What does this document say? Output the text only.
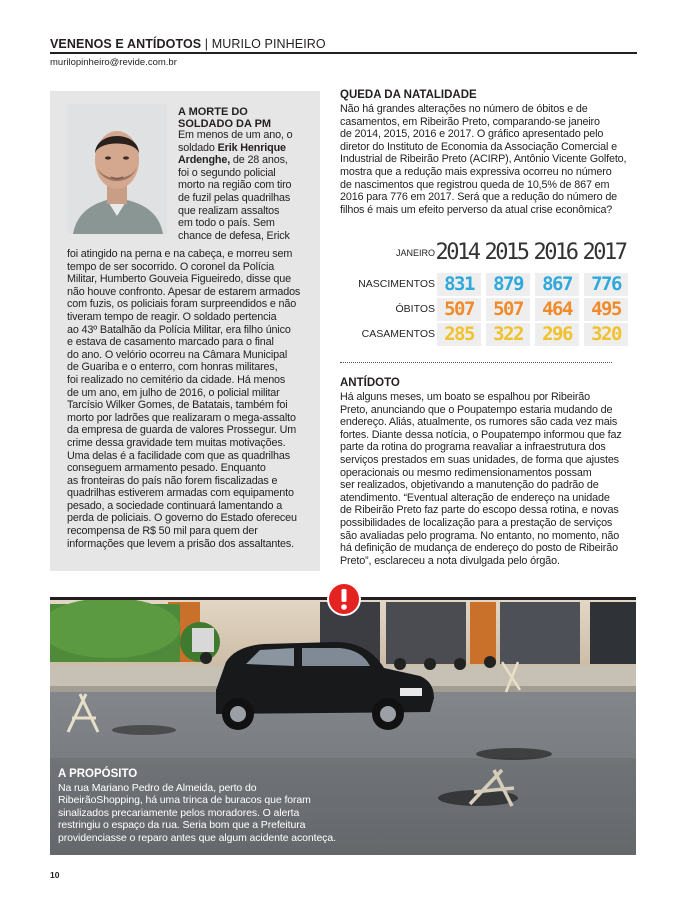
VENENOS E ANTÍDOTOS | MURILO PINHEIRO
murilopinheiro@revide.com.br
A MORTE DO
SOLDADO DA PM
Em menos de um ano, o
soldado Erik Henrique
Ardenghe, de 28 anos,
foi o segundo policial
morto na região com tiro
de fuzil pelas quadrilhas
que realizam assaltos
em todo o país. Sem
chance de defesa, Erick
foi atingido na perna e na cabeça, e morreu sem
tempo de ser socorrido. O coronel da Polícia
Militar, Humberto Gouveia Figueiredo, disse que
não houve confronto. Apesar de estarem armados
com fuzis, os policiais foram surpreendidos e não
tiveram tempo de reagir. O soldado pertencia
ao 43º Batalhão da Polícia Militar, era filho único
e estava de casamento marcado para o final
do ano. O velório ocorreu na Câmara Municipal
de Guariba e o enterro, com honras militares,
foi realizado no cemitério da cidade. Há menos
de um ano, em julho de 2016, o policial militar
Tarcísio Wilker Gomes, de Batatais, também foi
morto por ladrões que realizaram o mega-assalto
da empresa de guarda de valores Prossegur. Um
crime dessa gravidade tem muitas motivações.
Uma delas é a facilidade com que as quadrilhas
conseguem armamento pesado. Enquanto
as fronteiras do país não forem fiscalizadas e
quadrilhas estiverem armadas com equipamento
pesado, a sociedade continuará lamentando a
perda de policiais. O governo do Estado ofereceu
recompensa de R$ 50 mil para quem der
informações que levem a prisão dos assaltantes.
QUEDA DA NATALIDADE
Não há grandes alterações no número de óbitos e de
casamentos, em Ribeirão Preto, comparando-se janeiro
de 2014, 2015, 2016 e 2017. O gráfico apresentado pelo
diretor do Instituto de Economia da Associação Comercial e
Industrial de Ribeirão Preto (ACIRP), Antônio Vicente Golfeto,
mostra que a redução mais expressiva ocorreu no número
de nascimentos que registrou queda de 10,5% de 867 em
2016 para 776 em 2017. Será que a redução do número de
filhos é mais um efeito perverso da atual crise econômica?
JANEIRO 2014 2015 2016 2017
NASCIMENTOS 831	879	867	776
ÓBITOS 507	507	464	495
CASAMENTOS 285	322	296	320
ANTÍDOTO
Há alguns meses, um boato se espalhou por Ribeirão
Preto, anunciando que o Poupatempo estaria mudando de
endereço. Aliás, atualmente, os rumores são cada vez mais
fortes. Diante dessa notícia, o Poupatempo informou que faz
parte da rotina do programa reavaliar a infraestrutura dos
serviços prestados em suas unidades, de forma que ajustes
operacionais ou mesmo redimensionamentos possam
ser realizados, objetivando a manutenção do padrão de
atendimento. “Eventual alteração de endereço na unidade
de Ribeirão Preto faz parte do escopo dessa rotina, e novas
possibilidades de localização para a prestação de serviços
são avaliadas pelo programa. No entanto, no momento, não
há definição de mudança de endereço do posto de Ribeirão
Preto”, esclareceu a nota divulgada pelo órgão.
A PROPÓSITO
Na rua Mariano Pedro de Almeida, perto do
RibeirãoShopping, há uma trinca de buracos que foram
sinalizados precariamente pelos moradores. O alerta
restringiu o espaço da rua. Seria bom que a Prefeitura
providenciasse o reparo antes que algum acidente aconteça.
10
